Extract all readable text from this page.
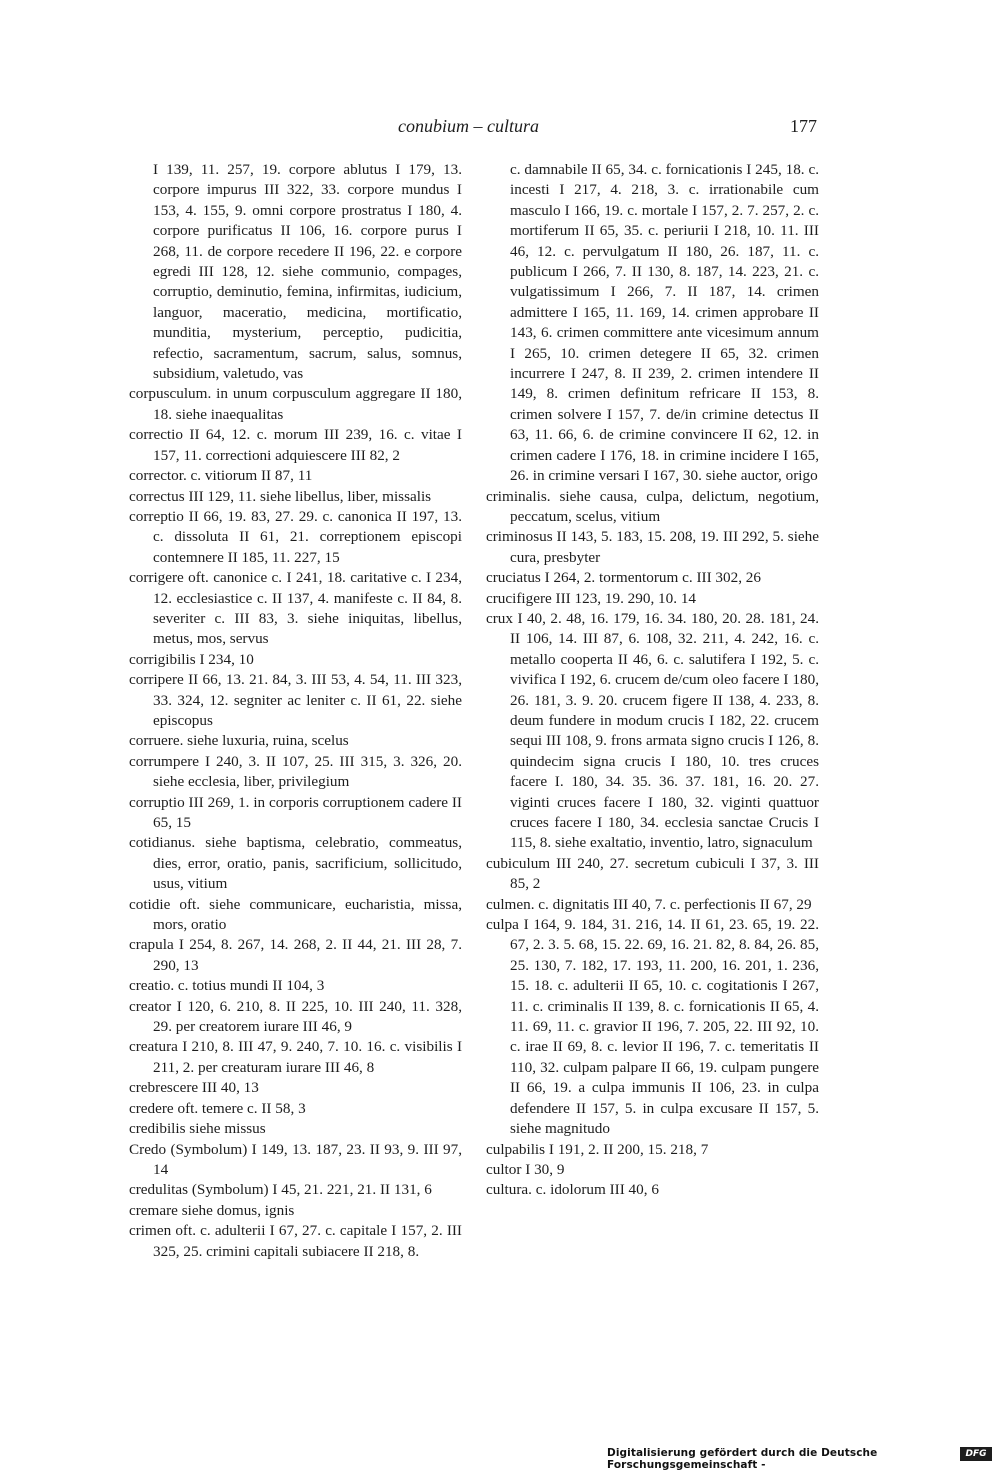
conubium – cultura	177

I 139, 11. 257, 19. corpore ablutus I 179, 13. corpore impurus III 322, 33. corpore mundus I 153, 4. 155, 9. omni corpore prostratus I 180, 4. corpore purificatus II 106, 16. corpore purus I 268, 11. de corpore recedere II 196, 22. e corpore egredi III 128, 12. siehe communio, compages, corruptio, deminutio, femina, infirmitas, iudicium, languor, maceratio, medicina, mortificatio, munditia, mysterium, perceptio, pudicitia, refectio, sacramentum, sacrum, salus, somnus, subsidium, valetudo, vas

corpusculum. in unum corpusculum aggregare II 180, 18. siehe inaequalitas

correctio II 64, 12. c. morum III 239, 16. c. vitae I 157, 11. correctioni adquiescere III 82, 2

corrector. c. vitiorum II 87, 11

correctus III 129, 11. siehe libellus, liber, missalis

correptio II 66, 19. 83, 27. 29. c. canonica II 197, 13. c. dissoluta II 61, 21. correptionem episcopi contemnere II 185, 11. 227, 15

corrigere oft. canonice c. I 241, 18. caritative c. I 234, 12. ecclesiastice c. II 137, 4. manifeste c. II 84, 8. severiter c. III 83, 3. siehe iniquitas, libellus, metus, mos, servus

corrigibilis I 234, 10

corripere II 66, 13. 21. 84, 3. III 53, 4. 54, 11. III 323, 33. 324, 12. segniter ac leniter c. II 61, 22. siehe episcopus

corruere. siehe luxuria, ruina, scelus

corrumpere I 240, 3. II 107, 25. III 315, 3. 326, 20. siehe ecclesia, liber, privilegium

corruptio III 269, 1. in corporis corruptionem cadere II 65, 15

cotidianus. siehe baptisma, celebratio, commeatus, dies, error, oratio, panis, sacrificium, sollicitudo, usus, vitium

cotidie oft. siehe communicare, eucharistia, missa, mors, oratio

crapula I 254, 8. 267, 14. 268, 2. II 44, 21. III 28, 7. 290, 13

creatio. c. totius mundi II 104, 3

creator I 120, 6. 210, 8. II 225, 10. III 240, 11. 328, 29. per creatorem iurare III 46, 9

creatura I 210, 8. III 47, 9. 240, 7. 10. 16. c. visibilis I 211, 2. per creaturam iurare III 46, 8

crebrescere III 40, 13

credere oft. temere c. II 58, 3

credibilis siehe missus

Credo (Symbolum) I 149, 13. 187, 23. II 93, 9. III 97, 14

credulitas (Symbolum) I 45, 21. 221, 21. II 131, 6

cremare siehe domus, ignis

crimen oft. c. adulterii I 67, 27. c. capitale I 157, 2. III 325, 25. crimini capitali subiacere II 218, 8.

c. damnabile II 65, 34. c. fornicationis I 245, 18. c. incesti I 217, 4. 218, 3. c. irrationabile cum masculo I 166, 19. c. mortale I 157, 2. 7. 257, 2. c. mortiferum II 65, 35. c. periurii I 218, 10. 11. III 46, 12. c. pervulgatum II 180, 26. 187, 11. c. publicum I 266, 7. II 130, 8. 187, 14. 223, 21. c. vulgatissimum I 266, 7. II 187, 14. crimen admittere I 165, 11. 169, 14. crimen approbare II 143, 6. crimen committere ante vicesimum annum I 265, 10. crimen detegere II 65, 32. crimen incurrere I 247, 8. II 239, 2. crimen intendere II 149, 8. crimen definitum refricare II 153, 8. crimen solvere I 157, 7. de/in crimine detectus II 63, 11. 66, 6. de crimine convincere II 62, 12. in crimen cadere I 176, 18. in crimine incidere I 165, 26. in crimine versari I 167, 30. siehe auctor, origo

criminalis. siehe causa, culpa, delictum, negotium, peccatum, scelus, vitium

criminosus II 143, 5. 183, 15. 208, 19. III 292, 5. siehe cura, presbyter

cruciatus I 264, 2. tormentorum c. III 302, 26

crucifigere III 123, 19. 290, 10. 14

crux I 40, 2. 48, 16. 179, 16. 34. 180, 20. 28. 181, 24. II 106, 14. III 87, 6. 108, 32. 211, 4. 242, 16. c. metallo cooperta II 46, 6. c. salutifera I 192, 5. c. vivifica I 192, 6. crucem de/cum oleo facere I 180, 26. 181, 3. 9. 20. crucem figere II 138, 4. 233, 8. deum fundere in modum crucis I 182, 22. crucem sequi III 108, 9. frons armata signo crucis I 126, 8. quindecim signa crucis I 180, 10. tres cruces facere I. 180, 34. 35. 36. 37. 181, 16. 20. 27. viginti cruces facere I 180, 32. viginti quattuor cruces facere I 180, 34. ecclesia sanctae Crucis I 115, 8. siehe exaltatio, inventio, latro, signaculum

cubiculum III 240, 27. secretum cubiculi I 37, 3. III 85, 2

culmen. c. dignitatis III 40, 7. c. perfectionis II 67, 29

culpa I 164, 9. 184, 31. 216, 14. II 61, 23. 65, 19. 22. 67, 2. 3. 5. 68, 15. 22. 69, 16. 21. 82, 8. 84, 26. 85, 25. 130, 7. 182, 17. 193, 11. 200, 16. 201, 1. 236, 15. 18. c. adulterii II 65, 10. c. cogitationis I 267, 11. c. criminalis II 139, 8. c. fornicationis II 65, 4. 11. 69, 11. c. gravior II 196, 7. 205, 22. III 92, 10. c. irae II 69, 8. c. levior II 196, 7. c. temeritatis II 110, 32. culpam palpare II 66, 19. culpam pungere II 66, 19. a culpa immunis II 106, 23. in culpa defendere II 157, 5. in culpa excusare II 157, 5. siehe magnitudo

culpabilis I 191, 2. II 200, 15. 218, 7

cultor I 30, 9

cultura. c. idolorum III 40, 6

Digitalisierung gefördert durch die Deutsche Forschungsgemeinschaft -
DFG
